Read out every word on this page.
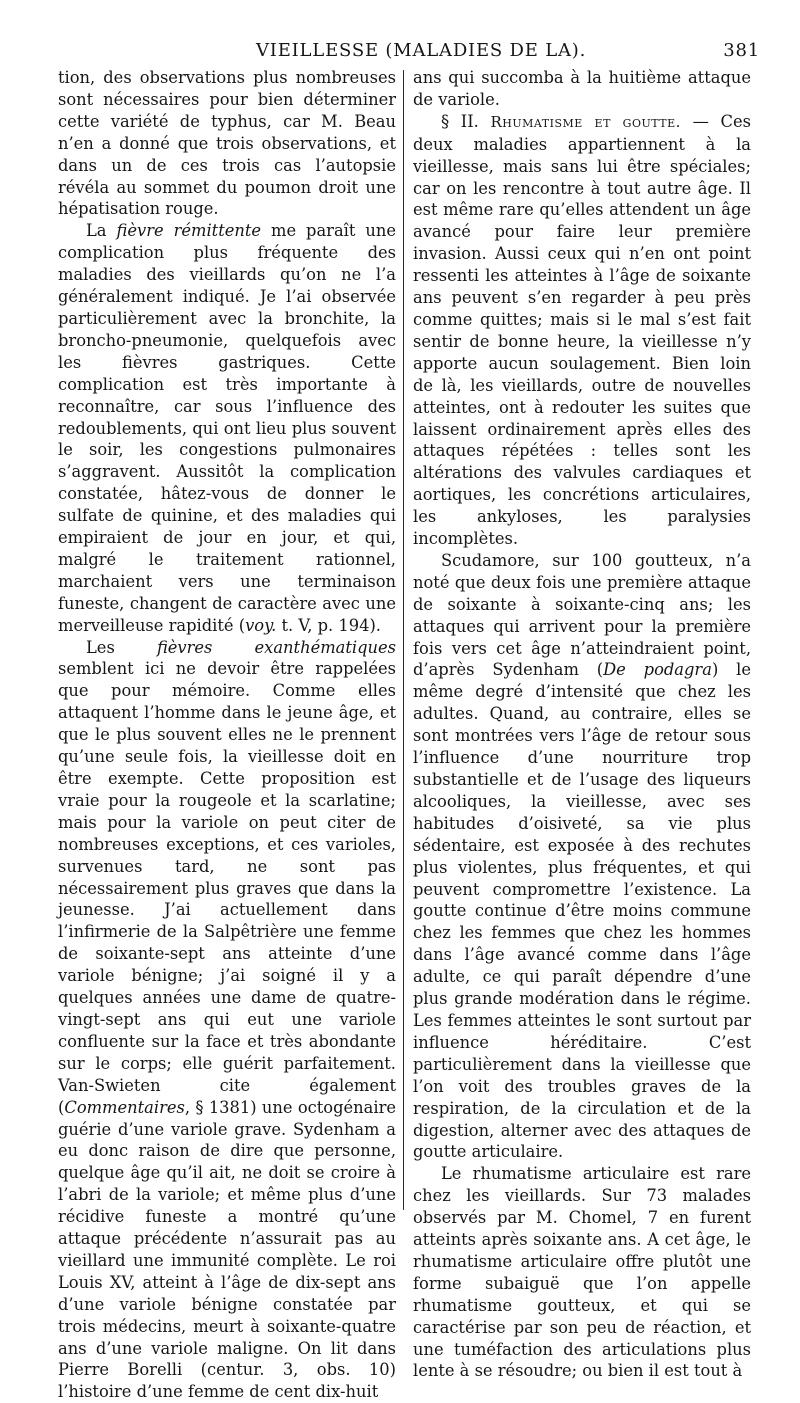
VIEILLESSE (MALADIES DE LA).	381

tion, des observations plus nombreuses sont nécessaires pour bien déterminer cette variété de typhus, car M. Beau n’en a donné que trois observations, et dans un de ces trois cas l’autopsie révéla au sommet du poumon droit une hépatisation rouge.

La fièvre rémittente me paraît une complication plus fréquente des maladies des vieillards qu’on ne l’a généralement indiqué. Je l’ai observée particulièrement avec la bronchite, la broncho-pneumonie, quelquefois avec les fièvres gastriques. Cette complication est très importante à reconnaître, car sous l’influence des redoublements, qui ont lieu plus souvent le soir, les congestions pulmonaires s’aggravent. Aussitôt la complication constatée, hâtez-vous de donner le sulfate de quinine, et des maladies qui empiraient de jour en jour, et qui, malgré le traitement rationnel, marchaient vers une terminaison funeste, changent de caractère avec une merveilleuse rapidité (voy. t. V, p. 194).

Les fièvres exanthématiques semblent ici ne devoir être rappelées que pour mémoire. Comme elles attaquent l’homme dans le jeune âge, et que le plus souvent elles ne le prennent qu’une seule fois, la vieillesse doit en être exempte. Cette proposition est vraie pour la rougeole et la scarlatine; mais pour la variole on peut citer de nombreuses exceptions, et ces varioles, survenues tard, ne sont pas nécessairement plus graves que dans la jeunesse. J’ai actuellement dans l’infirmerie de la Salpêtrière une femme de soixante-sept ans atteinte d’une variole bénigne; j’ai soigné il y a quelques années une dame de quatre-vingt-sept ans qui eut une variole confluente sur la face et très abondante sur le corps; elle guérit parfaitement. Van-Swieten cite également (Commentaires, § 1381) une octogénaire guérie d’une variole grave. Sydenham a eu donc raison de dire que personne, quelque âge qu’il ait, ne doit se croire à l’abri de la variole; et même plus d’une récidive funeste a montré qu’une attaque précédente n’assurait pas au vieillard une immunité complète. Le roi Louis XV, atteint à l’âge de dix-sept ans d’une variole bénigne constatée par trois médecins, meurt à soixante-quatre ans d’une variole maligne. On lit dans Pierre Borelli (centur. 3, obs. 10) l’histoire d’une femme de cent dix-huit

ans qui succomba à la huitième attaque de variole.

§ II. Rhumatisme et goutte. — Ces deux maladies appartiennent à la vieillesse, mais sans lui être spéciales; car on les rencontre à tout autre âge. Il est même rare qu’elles attendent un âge avancé pour faire leur première invasion. Aussi ceux qui n’en ont point ressenti les atteintes à l’âge de soixante ans peuvent s’en regarder à peu près comme quittes; mais si le mal s’est fait sentir de bonne heure, la vieillesse n’y apporte aucun soulagement. Bien loin de là, les vieillards, outre de nouvelles atteintes, ont à redouter les suites que laissent ordinairement après elles des attaques répétées : telles sont les altérations des valvules cardiaques et aortiques, les concrétions articulaires, les ankyloses, les paralysies incomplètes.

Scudamore, sur 100 goutteux, n’a noté que deux fois une première attaque de soixante à soixante-cinq ans; les attaques qui arrivent pour la première fois vers cet âge n’atteindraient point, d’après Sydenham (De podagra) le même degré d’intensité que chez les adultes. Quand, au contraire, elles se sont montrées vers l’âge de retour sous l’influence d’une nourriture trop substantielle et de l’usage des liqueurs alcooliques, la vieillesse, avec ses habitudes d’oisiveté, sa vie plus sédentaire, est exposée à des rechutes plus violentes, plus fréquentes, et qui peuvent compromettre l’existence. La goutte continue d’être moins commune chez les femmes que chez les hommes dans l’âge avancé comme dans l’âge adulte, ce qui paraît dépendre d’une plus grande modération dans le régime. Les femmes atteintes le sont surtout par influence héréditaire. C’est particulièrement dans la vieillesse que l’on voit des troubles graves de la respiration, de la circulation et de la digestion, alterner avec des attaques de goutte articulaire.

Le rhumatisme articulaire est rare chez les vieillards. Sur 73 malades observés par M. Chomel, 7 en furent atteints après soixante ans. A cet âge, le rhumatisme articulaire offre plutôt une forme subaiguë que l’on appelle rhumatisme goutteux, et qui se caractérise par son peu de réaction, et une tuméfaction des articulations plus lente à se résoudre; ou bien il est tout à
